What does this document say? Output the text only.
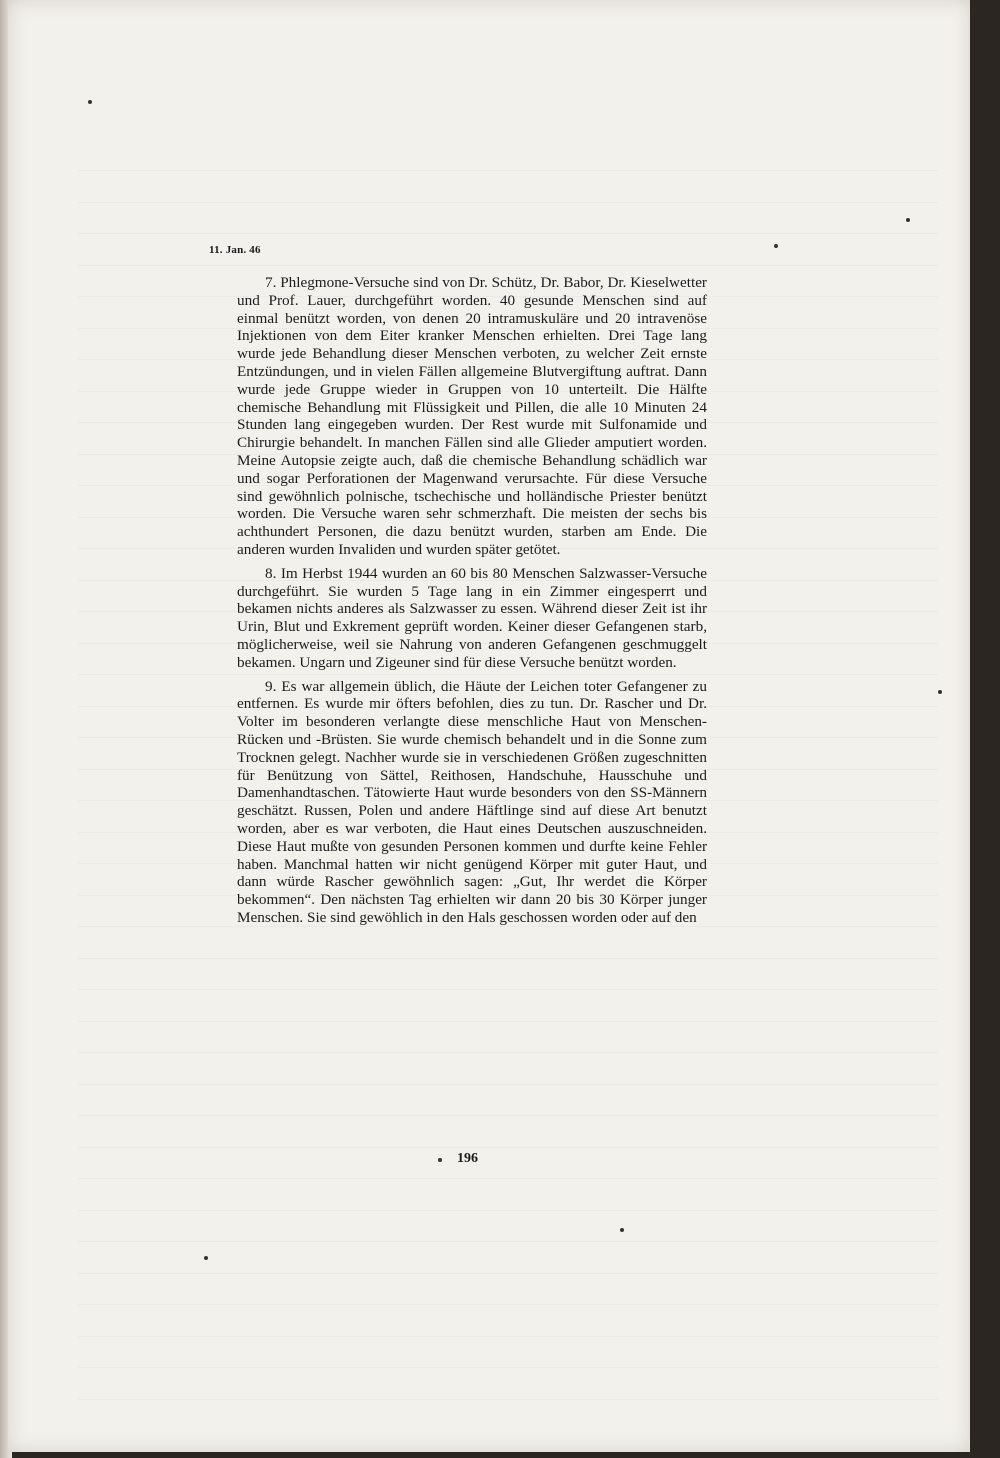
11. Jan. 46

7. Phlegmone-Versuche sind von Dr. Schütz, Dr. Babor, Dr. Kieselwetter und Prof. Lauer, durchgeführt worden. 40 gesunde Menschen sind auf einmal benützt worden, von denen 20 intramuskuläre und 20 intravenöse Injektionen von dem Eiter kranker Menschen erhielten. Drei Tage lang wurde jede Behandlung dieser Menschen verboten, zu welcher Zeit ernste Entzündungen, und in vielen Fällen allgemeine Blutvergiftung auftrat. Dann wurde jede Gruppe wieder in Gruppen von 10 unterteilt. Die Hälfte chemische Behandlung mit Flüssigkeit und Pillen, die alle 10 Minuten 24 Stunden lang eingegeben wurden. Der Rest wurde mit Sulfonamide und Chirurgie behandelt. In manchen Fällen sind alle Glieder amputiert worden. Meine Autopsie zeigte auch, daß die chemische Behandlung schädlich war und sogar Perforationen der Magenwand verursachte. Für diese Versuche sind gewöhnlich polnische, tschechische und holländische Priester benützt worden. Die Versuche waren sehr schmerzhaft. Die meisten der sechs bis achthundert Personen, die dazu benützt wurden, starben am Ende. Die anderen wurden Invaliden und wurden später getötet.

8. Im Herbst 1944 wurden an 60 bis 80 Menschen Salzwasser-Versuche durchgeführt. Sie wurden 5 Tage lang in ein Zimmer eingesperrt und bekamen nichts anderes als Salzwasser zu essen. Während dieser Zeit ist ihr Urin, Blut und Exkrement geprüft worden. Keiner dieser Gefangenen starb, möglicherweise, weil sie Nahrung von anderen Gefangenen geschmuggelt bekamen. Ungarn und Zigeuner sind für diese Versuche benützt worden.

9. Es war allgemein üblich, die Häute der Leichen toter Gefangener zu entfernen. Es wurde mir öfters befohlen, dies zu tun. Dr. Rascher und Dr. Volter im besonderen verlangte diese menschliche Haut von Menschen-Rücken und -Brüsten. Sie wurde chemisch behandelt und in die Sonne zum Trocknen gelegt. Nachher wurde sie in verschiedenen Größen zugeschnitten für Benützung von Sättel, Reithosen, Handschuhe, Hausschuhe und Damenhandtaschen. Tätowierte Haut wurde besonders von den SS-Männern geschätzt. Russen, Polen und andere Häftlinge sind auf diese Art benutzt worden, aber es war verboten, die Haut eines Deutschen auszuschneiden. Diese Haut mußte von gesunden Personen kommen und durfte keine Fehler haben. Manchmal hatten wir nicht genügend Körper mit guter Haut, und dann würde Rascher gewöhnlich sagen: „Gut, Ihr werdet die Körper bekommen“. Den nächsten Tag erhielten wir dann 20 bis 30 Körper junger Menschen. Sie sind gewöhlich in den Hals geschossen worden oder auf den

196
